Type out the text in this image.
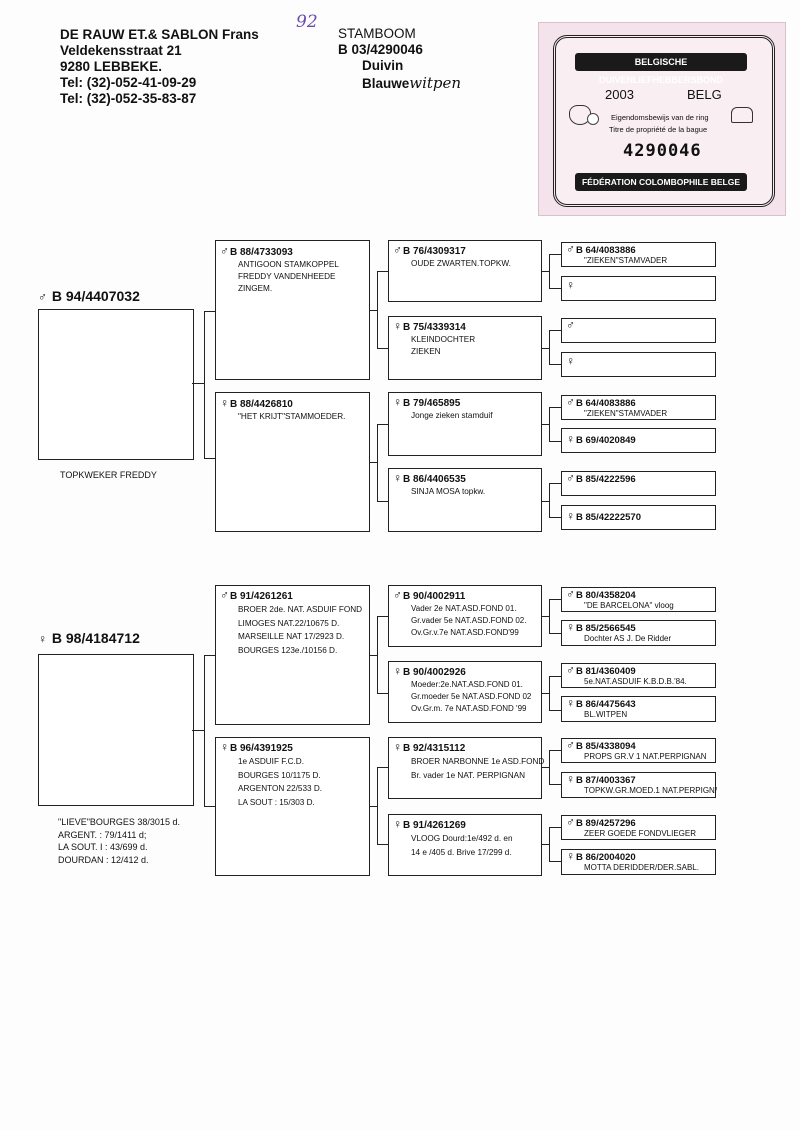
DE RAUW ET.& SABLON Frans
Veldekensstraat 21
9280 LEBBEKE.
Tel: (32)-052-41-09-29
Tel: (32)-052-35-83-87
92
STAMBOOM
B 03/4290046
Duivin
Blauwewitpen
BELGISCHE DUIVENLIEFHEBBERSBOND
2003	BELG
Eigendomsbewijs van de ring
Titre de propriété de la bague
4290046
FÉDÉRATION COLOMBOPHILE BELGE
♂ B 94/4407032
TOPKWEKER FREDDY
♂B 88/4733093
ANTIGOON STAMKOPPEL
FREDDY VANDENHEEDE
ZINGEM.
♀B 88/4426810
"HET KRIJT"STAMMOEDER.
♂B 76/4309317
OUDE ZWARTEN.TOPKW.
♀B 75/4339314
KLEINDOCHTER
ZIEKEN
♀B 79/465895
Jonge zieken stamduif
♀B 86/4406535
SINJA MOSA topkw.
♂B 64/4083886
"ZIEKEN"STAMVADER
♀
♂
♀
♂B 64/4083886
"ZIEKEN"STAMVADER
♀B 69/4020849
♂B 85/4222596
♀B 85/42222570
♀ B 98/4184712
"LIEVE"BOURGES 38/3015 d.
ARGENT. : 79/1411 d;
LA SOUT. I : 43/699 d.
DOURDAN : 12/412 d.
♂B 91/4261261
BROER 2de. NAT. ASDUIF FOND
LIMOGES NAT.22/10675 D.
MARSEILLE NAT 17/2923 D.
BOURGES 123e./10156 D.
♀B 96/4391925
1e ASDUIF F.C.D.
BOURGES 10/1175 D.
ARGENTON 22/533 D.
LA SOUT : 15/303 D.
♂B 90/4002911
Vader 2e NAT.ASD.FOND 01.
Gr.vader 5e NAT.ASD.FOND 02.
Ov.Gr.v.7e NAT.ASD.FOND'99
♀B 90/4002926
Moeder:2e.NAT.ASD.FOND 01.
Gr.moeder 5e NAT.ASD.FOND 02
Ov.Gr.m. 7e NAT.ASD.FOND '99
♀B 92/4315112
BROER NARBONNE 1e ASD.FOND
Br. vader 1e NAT. PERPIGNAN
♀B 91/4261269
VLOOG Dourd:1e/492 d. en
14 e /405 d. Brive 17/299 d.
♂B 80/4358204
"DE BARCELONA" vloog
♀B 85/2566545
Dochter AS J. De Ridder
♂B 81/4360409
5e.NAT.ASDUIF K.B.D.B.'84.
♀B 86/4475643
BL.WITPEN
♂B 85/4338094
PROPS GR.V 1 NAT.PERPIGNAN
♀B 87/4003367
TOPKW.GR.MOED.1 NAT.PERPIGN/
♂B 89/4257296
ZEER GOEDE FONDVLIEGER
♀B 86/2004020
MOTTA DERIDDER/DER.SABL.
